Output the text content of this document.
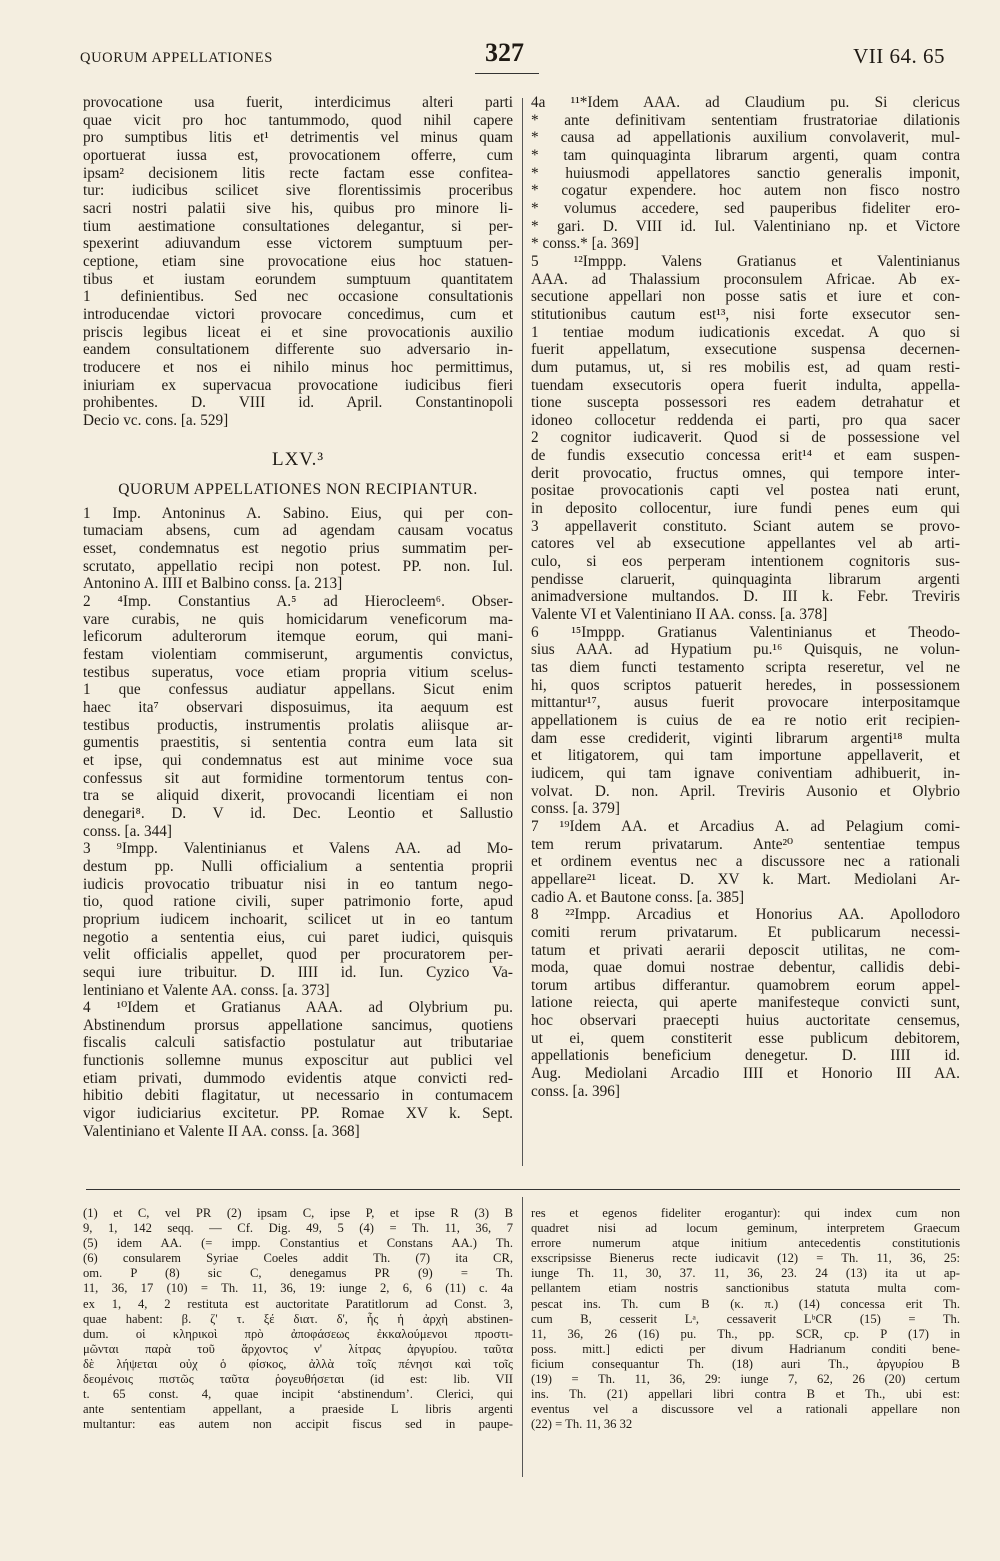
QUORUM APPELLATIONES	327	VII 64. 65
provocatione usa fuerit, interdicimus alteri parti
quae vicit pro hoc tantummodo, quod nihil capere
pro sumptibus litis et¹ detrimentis vel minus quam
oportuerat iussa est, provocationem offerre, cum
ipsam² decisionem litis recte factam esse confitea-
tur: iudicibus scilicet sive florentissimis proceribus
sacri nostri palatii sive his, quibus pro minore li-
tium aestimatione consultationes delegantur, si per-
spexerint adiuvandum esse victorem sumptuum per-
ceptione, etiam sine provocatione eius hoc statuen-
tibus et iustam eorundem sumptuum quantitatem
1 definientibus. Sed nec occasione consultationis
introducendae victori provocare concedimus, cum et
priscis legibus liceat ei et sine provocationis auxilio
eandem consultationem differente suo adversario in-
troducere et nos ei nihilo minus hoc permittimus,
iniuriam ex supervacua provocatione iudicibus fieri
prohibentes. D. VIII id. April. Constantinopoli
Decio vc. cons. [a. 529]
LXV.³
QUORUM APPELLATIONES NON RECIPIANTUR.
1 Imp. Antoninus A. Sabino. Eius, qui per con-
tumaciam absens, cum ad agendam causam vocatus
esset, condemnatus est negotio prius summatim per-
scrutato, appellatio recipi non potest. PP. non. Iul.
Antonino A. IIII et Balbino conss. [a. 213]
2 ⁴Imp. Constantius A.⁵ ad Hierocleem⁶. Obser-
vare curabis, ne quis homicidarum veneficorum ma-
leficorum adulterorum itemque eorum, qui mani-
festam violentiam commiserunt, argumentis convictus,
testibus superatus, voce etiam propria vitium scelus-
1 que confessus audiatur appellans. Sicut enim
haec ita⁷ observari disposuimus, ita aequum est
testibus productis, instrumentis prolatis aliisque ar-
gumentis praestitis, si sententia contra eum lata sit
et ipse, qui condemnatus est aut minime voce sua
confessus sit aut formidine tormentorum tentus con-
tra se aliquid dixerit, provocandi licentiam ei non
denegari⁸. D. V id. Dec. Leontio et Sallustio
conss. [a. 344]
3 ⁹Impp. Valentinianus et Valens AA. ad Mo-
destum pp. Nulli officialium a sententia proprii
iudicis provocatio tribuatur nisi in eo tantum nego-
tio, quod ratione civili, super patrimonio forte, apud
proprium iudicem inchoarit, scilicet ut in eo tantum
negotio a sententia eius, cui paret iudici, quisquis
velit officialis appellet, quod per procuratorem per-
sequi iure tribuitur. D. IIII id. Iun. Cyzico Va-
lentiniano et Valente AA. conss. [a. 373]
4 ¹⁰Idem et Gratianus AAA. ad Olybrium pu.
Abstinendum prorsus appellatione sancimus, quotiens
fiscalis calculi satisfactio postulatur aut tributariae
functionis sollemne munus exposcitur aut publici vel
etiam privati, dummodo evidentis atque convicti red-
hibitio debiti flagitatur, ut necessario in contumacem
vigor iudiciarius excitetur. PP. Romae XV k. Sept.
Valentiniano et Valente II AA. conss. [a. 368]
4a ¹¹*Idem AAA. ad Claudium pu. Si clericus
* ante definitivam sententiam frustratoriae dilationis
* causa ad appellationis auxilium convolaverit, mul-
* tam quinquaginta librarum argenti, quam contra
* huiusmodi appellatores sanctio generalis imponit,
* cogatur expendere. hoc autem non fisco nostro
* volumus accedere, sed pauperibus fideliter ero-
* gari. D. VIII id. Iul. Valentiniano np. et Victore
* conss.* [a. 369]
5 ¹²Imppp. Valens Gratianus et Valentinianus
AAA. ad Thalassium proconsulem Africae. Ab ex-
secutione appellari non posse satis et iure et con-
stitutionibus cautum est¹³, nisi forte exsecutor sen-
1 tentiae modum iudicationis excedat. A quo si
fuerit appellatum, exsecutione suspensa decernen-
dum putamus, ut, si res mobilis est, ad quam resti-
tuendam exsecutoris opera fuerit indulta, appella-
tione suscepta possessori res eadem detrahatur et
idoneo collocetur reddenda ei parti, pro qua sacer
2 cognitor iudicaverit. Quod si de possessione vel
de fundis exsecutio concessa erit¹⁴ et eam suspen-
derit provocatio, fructus omnes, qui tempore inter-
positae provocationis capti vel postea nati erunt,
in deposito collocentur, iure fundi penes eum qui
3 appellaverit constituto. Sciant autem se provo-
catores vel ab exsecutione appellantes vel ab arti-
culo, si eos perperam intentionem cognitoris sus-
pendisse claruerit, quinquaginta librarum argenti
animadversione multandos. D. III k. Febr. Treviris
Valente VI et Valentiniano II AA. conss. [a. 378]
6 ¹⁵Imppp. Gratianus Valentinianus et Theodo-
sius AAA. ad Hypatium pu.¹⁶ Quisquis, ne volun-
tas diem functi testamento scripta reseretur, vel ne
hi, quos scriptos patuerit heredes, in possessionem
mittantur¹⁷, ausus fuerit provocare interpositamque
appellationem is cuius de ea re notio erit recipien-
dam esse crediderit, viginti librarum argenti¹⁸ multa
et litigatorem, qui tam importune appellaverit, et
iudicem, qui tam ignave coniventiam adhibuerit, in-
volvat. D. non. April. Treviris Ausonio et Olybrio
conss. [a. 379]
7 ¹⁹Idem AA. et Arcadius A. ad Pelagium comi-
tem rerum privatarum. Ante²⁰ sententiae tempus
et ordinem eventus nec a discussore nec a rationali
appellare²¹ liceat. D. XV k. Mart. Mediolani Ar-
cadio A. et Bautone conss. [a. 385]
8 ²²Impp. Arcadius et Honorius AA. Apollodoro
comiti rerum privatarum. Et publicarum necessi-
tatum et privati aerarii deposcit utilitas, ne com-
moda, quae domui nostrae debentur, callidis debi-
torum artibus differantur. quamobrem eorum appel-
latione reiecta, qui aperte manifesteque convicti sunt,
hoc observari praecepti huius auctoritate censemus,
ut ei, quem constiterit esse publicum debitorem,
appellationis beneficium denegetur. D. IIII id.
Aug. Mediolani Arcadio IIII et Honorio III AA.
conss. [a. 396]
(1) et C, vel PR (2) ipsam C, ipse P, et ipse R (3) B
9, 1, 142 seqq. — Cf. Dig. 49, 5 (4) = Th. 11, 36, 7
(5) idem AA. (= impp. Constantius et Constans AA.) Th.
(6) consularem Syriae Coeles addit Th. (7) ita CR,
om. P (8) sic C, denegamus PR (9) = Th.
11, 36, 17 (10) = Th. 11, 36, 19: iunge 2, 6, 6 (11) c. 4a
ex 1, 4, 2 restituta est auctoritate Paratitlorum ad Const. 3,
quae habent: β. ζ' τ. ξέ διατ. δ', ἧς ἡ ἀρχὴ abstinen-
dum. οἱ κληρικοὶ πρὸ ἀποφάσεως ἐκκαλούμενοι προστι-
μῶνται παρὰ τοῦ ἄρχοντος ν' λίτρας ἀργυρίου. ταῦτα
δὲ λήψεται οὐχ ὁ φίσκος, ἀλλὰ τοῖς πένησι καὶ τοῖς
δεομένοις πιστῶς ταῦτα ῥογευθήσεται (id est: lib. VII
t. 65 const. 4, quae incipit ‘abstinendum’. Clerici, qui
ante sententiam appellant, a praeside L libris argenti
multantur: eas autem non accipit fiscus sed in paupe-
res et egenos fideliter erogantur): qui index cum non
quadret nisi ad locum geminum, interpretem Graecum
errore numerum atque initium antecedentis constitutionis
exscripsisse Bienerus recte iudicavit (12) = Th. 11, 36, 25:
iunge Th. 11, 30, 37. 11, 36, 23. 24 (13) ita ut ap-
pellantem etiam nostris sanctionibus statuta multa com-
pescat ins. Th. cum B (κ. π.) (14) concessa erit Th.
cum B, cesserit Lᵃ, cessaverit LᵇCR (15) = Th.
11, 36, 26 (16) pu. Th., pp. SCR, cp. P (17) in
poss. mitt.] edicti per divum Hadrianum conditi bene-
ficium consequantur Th. (18) auri Th., ἀργυρίου B
(19) = Th. 11, 36, 29: iunge 7, 62, 26 (20) certum
ins. Th. (21) appellari libri contra B et Th., ubi est:
eventus vel a discussore vel a rationali appellare non
(22) = Th. 11, 36 32
